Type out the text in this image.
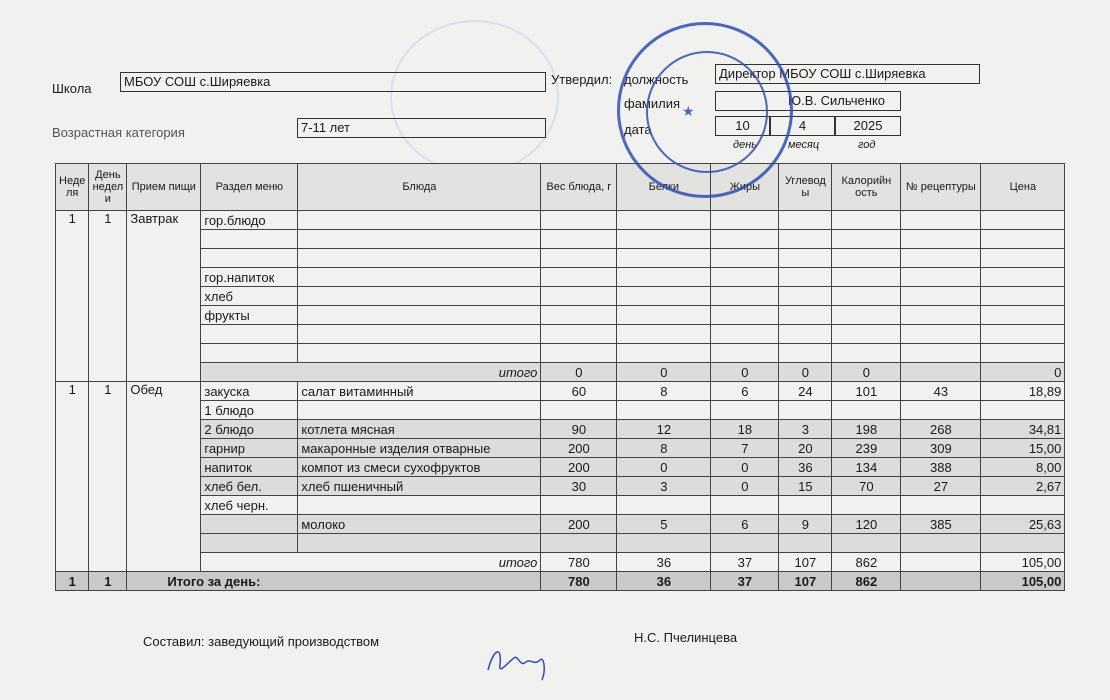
Школа	МБОУ СОШ с.Ширяевка	Утвердил: должность	Директор МБОУ СОШ с.Ширяевка
фамилия	Ю.В. Сильченко
Возрастная категория	7-11 лет	дата	10	4	2025
день	месяц	год
Неде ля	День недел и	Прием пищи	Раздел меню	Блюда	Вес блюда, г	Белки	Жиры	Углевод ы	Калорийн ость	№ рецептуры	Цена
1	1	Завтрак	гор.блюдо								

			гор.напиток								
			хлеб								
			фрукты								

			итого		0	0	0	0	0		0
1	1	Обед	закуска	салат витаминный	60	8	6	24	101	43	18,89
			1 блюдо								
			2 блюдо	котлета мясная	90	12	18	3	198	268	34,81
			гарнир	макаронные изделия отварные	200	8	7	20	239	309	15,00
			напиток	компот из смеси сухофруктов	200	0	0	36	134	388	8,00
			хлеб бел.	хлеб пшеничный	30	3	0	15	70	27	2,67
			хлеб черн.								
				молоко	200	5	6	9	120	385	25,63

			итого		780	36	37	107	862		105,00
1	1	Итого за день:			780	36	37	107	862		105,00
★
Составил: заведующий производством	Н.С. Пчелинцева
